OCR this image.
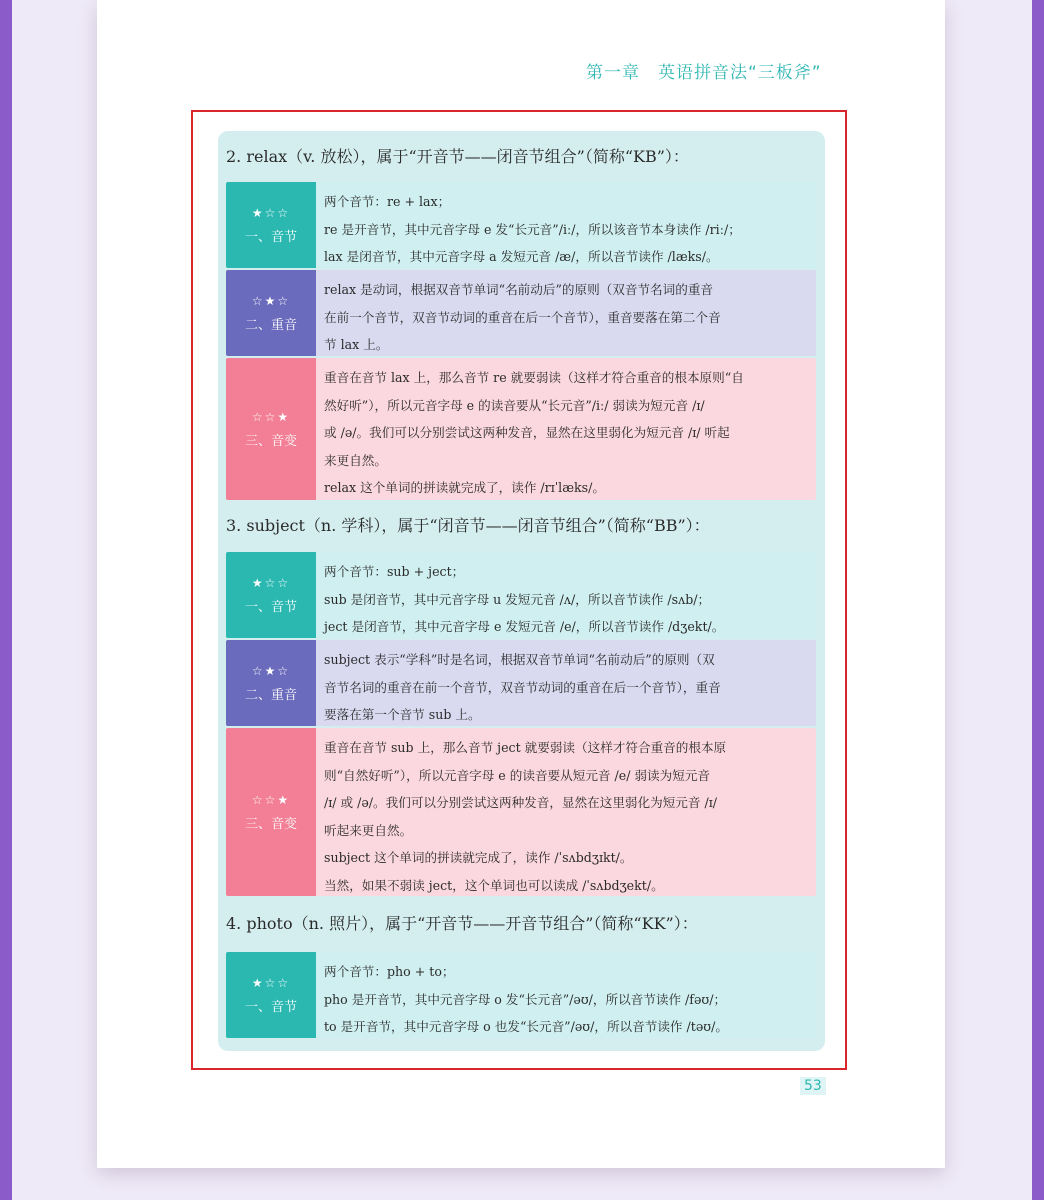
第一章　英语拼音法“三板斧”
2. relax（v. 放松），属于“开音节——闭音节组合”（简称“KB”）：
★☆☆
一、音节

两个音节：re + lax；

re 是开音节，其中元音字母 e 发“长元音”/iː/，所以该音节本身读作 /riː/；

lax 是闭音节，其中元音字母 a 发短元音 /æ/，所以音节读作 /læks/。

☆★☆
二、重音

relax 是动词，根据双音节单词“名前动后”的原则（双音节名词的重音

在前一个音节，双音节动词的重音在后一个音节），重音要落在第二个音

节 lax 上。

☆☆★
三、音变

重音在音节 lax 上，那么音节 re 就要弱读（这样才符合重音的根本原则“自

然好听”），所以元音字母 e 的读音要从“长元音”/iː/ 弱读为短元音 /ɪ/

或 /ə/。我们可以分别尝试这两种发音，显然在这里弱化为短元音 /ɪ/ 听起

来更自然。

relax 这个单词的拼读就完成了，读作 /rɪˈlæks/。

3. subject（n. 学科），属于“闭音节——闭音节组合”（简称“BB”）：
★☆☆
一、音节

两个音节：sub + ject；

sub 是闭音节，其中元音字母 u 发短元音 /ʌ/，所以音节读作 /sʌb/；

ject 是闭音节，其中元音字母 e 发短元音 /e/，所以音节读作 /dʒekt/。

☆★☆
二、重音

subject 表示“学科”时是名词，根据双音节单词“名前动后”的原则（双

音节名词的重音在前一个音节，双音节动词的重音在后一个音节），重音

要落在第一个音节 sub 上。

☆☆★
三、音变

重音在音节 sub 上，那么音节 ject 就要弱读（这样才符合重音的根本原

则“自然好听”），所以元音字母 e 的读音要从短元音 /e/ 弱读为短元音

/ɪ/ 或 /ə/。我们可以分别尝试这两种发音，显然在这里弱化为短元音 /ɪ/

听起来更自然。

subject 这个单词的拼读就完成了，读作 /ˈsʌbdʒɪkt/。

当然，如果不弱读 ject，这个单词也可以读成 /ˈsʌbdʒekt/。

4. photo（n. 照片），属于“开音节——开音节组合”（简称“KK”）：
★☆☆
一、音节

两个音节：pho + to；

pho 是开音节，其中元音字母 o 发“长元音”/əʊ/，所以音节读作 /fəʊ/；

to 是开音节，其中元音字母 o 也发“长元音”/əʊ/，所以音节读作 /təʊ/。

53
